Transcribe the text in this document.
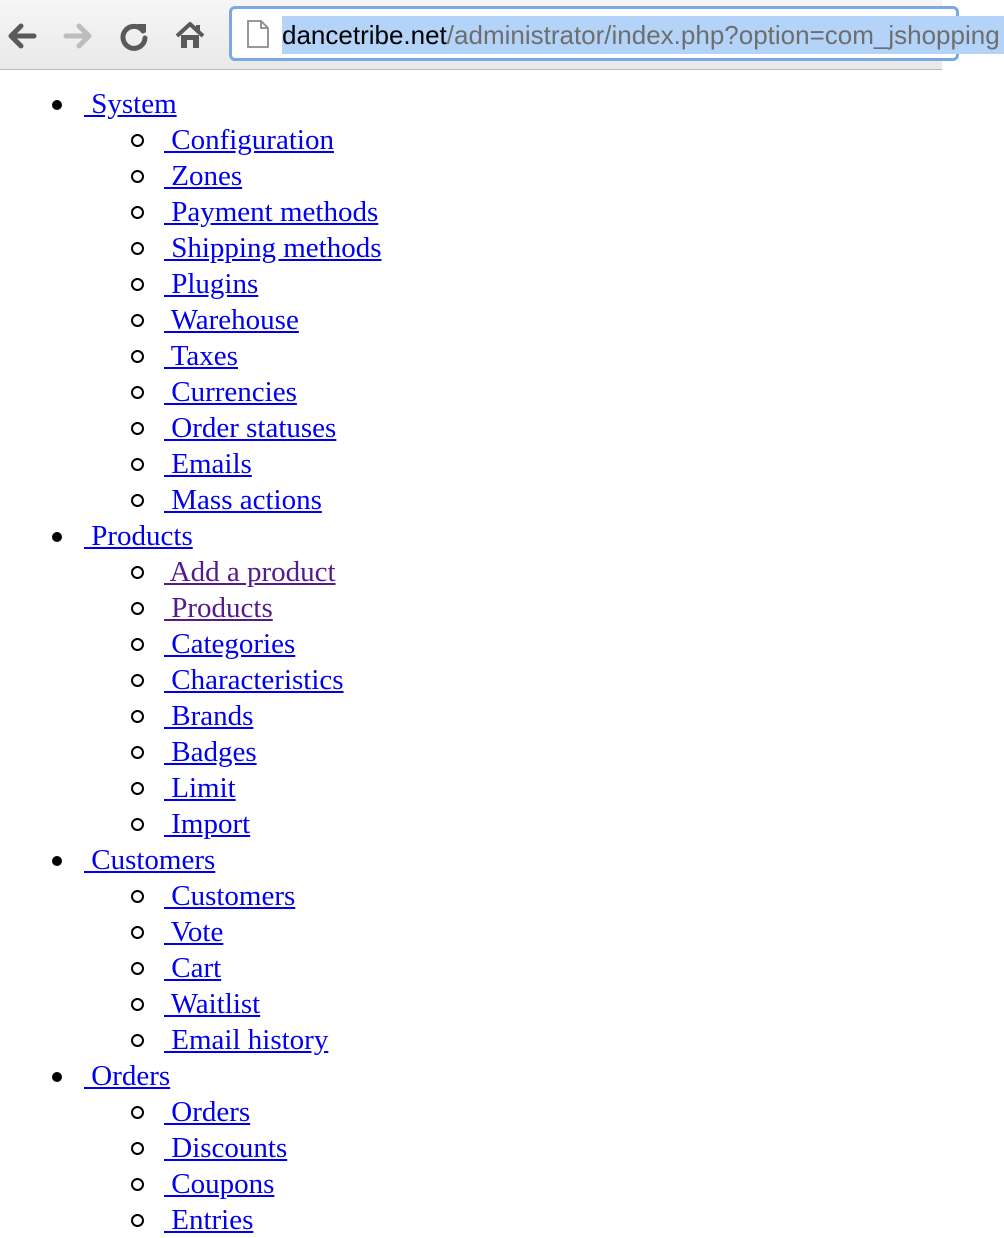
dancetribe.net/administrator/index.php?option=com_jshopping
System
Configuration
Zones
Payment methods
Shipping methods
Plugins
Warehouse
Taxes
Currencies
Order statuses
Emails
Mass actions
Products
Add a product
Products
Categories
Characteristics
Brands
Badges
Limit
Import
Customers
Customers
Vote
Cart
Waitlist
Email history
Orders
Orders
Discounts
Coupons
Entries
